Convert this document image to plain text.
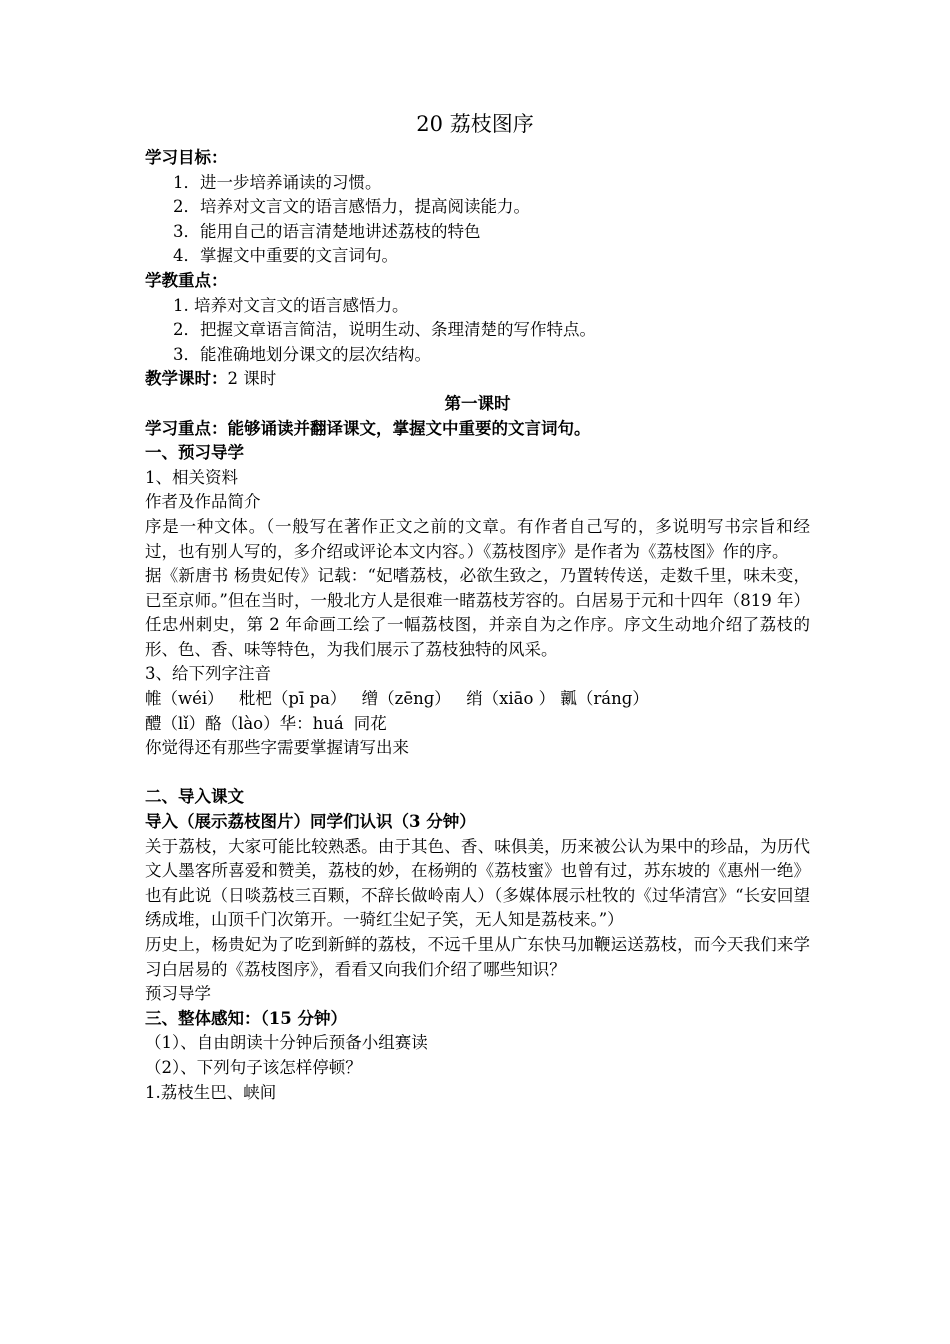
20 荔枝图序
学习目标：
1．进一步培养诵读的习惯。
2．培养对文言文的语言感悟力，提高阅读能力。
3．能用自己的语言清楚地讲述荔枝的特色
4．掌握文中重要的文言词句。
学教重点：
1. 培养对文言文的语言感悟力。
2．把握文章语言简洁，说明生动、条理清楚的写作特点。
3．能准确地划分课文的层次结构。
教学课时：2 课时
第一课时
学习重点：能够诵读并翻译课文，掌握文中重要的文言词句。
一、预习导学
1、相关资料
作者及作品简介
序是一种文体。（一般写在著作正文之前的文章。有作者自己写的，多说明写书宗旨和经过，也有别人写的，多介绍或评论本文内容。）《荔枝图序》是作者为《荔枝图》作的序。
据《新唐书 杨贵妃传》记载：“妃嗜荔枝，必欲生致之，乃置转传送，走数千里，味未变，已至京师。”但在当时，一般北方人是很难一睹荔枝芳容的。白居易于元和十四年（819 年）任忠州刺史，第 2 年命画工绘了一幅荔枝图，并亲自为之作序。序文生动地介绍了荔枝的形、色、香、味等特色，为我们展示了荔枝独特的风采。
3、给下列字注音
帷（wéi） 枇杷（pī pa） 缯（zēnɡ） 绡（xiāo ） 瓤（ránɡ）
醴（lǐ）酪（lào）华：huá 同花
你觉得还有那些字需要掌握请写出来
二、导入课文
导入（展示荔枝图片）同学们认识（3 分钟）
关于荔枝，大家可能比较熟悉。由于其色、香、味俱美，历来被公认为果中的珍品，为历代文人墨客所喜爱和赞美，荔枝的妙，在杨朔的《荔枝蜜》也曾有过，苏东坡的《惠州一绝》也有此说（日啖荔枝三百颗，不辞长做岭南人）（多媒体展示杜牧的《过华清宫》“长安回望绣成堆，山顶千门次第开。一骑红尘妃子笑，无人知是荔枝来。”）
历史上，杨贵妃为了吃到新鲜的荔枝，不远千里从广东快马加鞭运送荔枝，而今天我们来学习白居易的《荔枝图序》，看看又向我们介绍了哪些知识？
预习导学
三、整体感知：（15 分钟）
（1）、自由朗读十分钟后预备小组赛读
（2）、下列句子该怎样停顿？
1.荔枝生巴、峡间
